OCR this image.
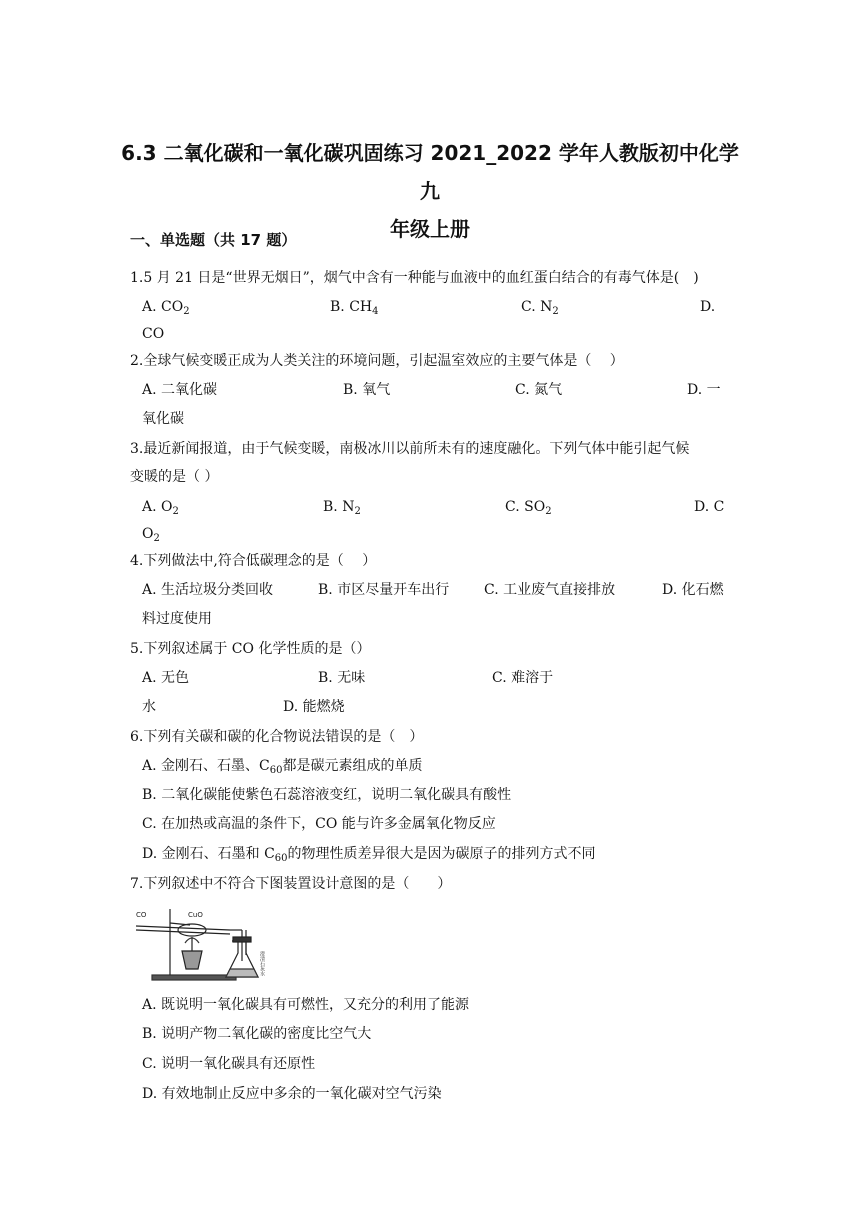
6.3 二氧化碳和一氧化碳巩固练习 2021_2022 学年人教版初中化学九
年级上册
一、单选题（共 17 题）
1.5 月 21 日是“世界无烟日”，烟气中含有一种能与血液中的血红蛋白结合的有毒气体是(　)
A. $CO_2$	B. $CH_4$	C. $N_2$	D.
CO
2.全球气候变暖正成为人类关注的环境问题，引起温室效应的主要气体是（　 ）
A. 二氧化碳	B. 氧气	C. 氮气	D. 一
氧化碳
3.最近新闻报道，由于气候变暖，南极冰川以前所未有的速度融化。下列气体中能引起气候
变暖的是（ ）
A. $O_2$	B. $N_2$	C. $SO_2$	D. C
$O_2$
4.下列做法中,符合低碳理念的是（　 ）
A. 生活垃圾分类回收	B. 市区尽量开车出行 C. 工业废气直接排放	D. 化石燃
料过度使用
5.下列叙述属于 CO 化学性质的是（）
A. 无色	B. 无味	C. 难溶于
水	D. 能燃烧
6.下列有关碳和碳的化合物说法错误的是（　）
A. 金刚石、石墨、$C_{60}$都是碳元素组成的单质
B. 二氧化碳能使紫色石蕊溶液变红，说明二氧化碳具有酸性
C. 在加热或高温的条件下，CO 能与许多金属氧化物反应
D. 金刚石、石墨和 $C_{60}$的物理性质差异很大是因为碳原子的排列方式不同
7.下列叙述中不符合下图装置设计意图的是（　　）
CO	CuO
澄清石灰水
A. 既说明一氧化碳具有可燃性，又充分的利用了能源
B. 说明产物二氧化碳的密度比空气大
C. 说明一氧化碳具有还原性
D. 有效地制止反应中多余的一氧化碳对空气污染
